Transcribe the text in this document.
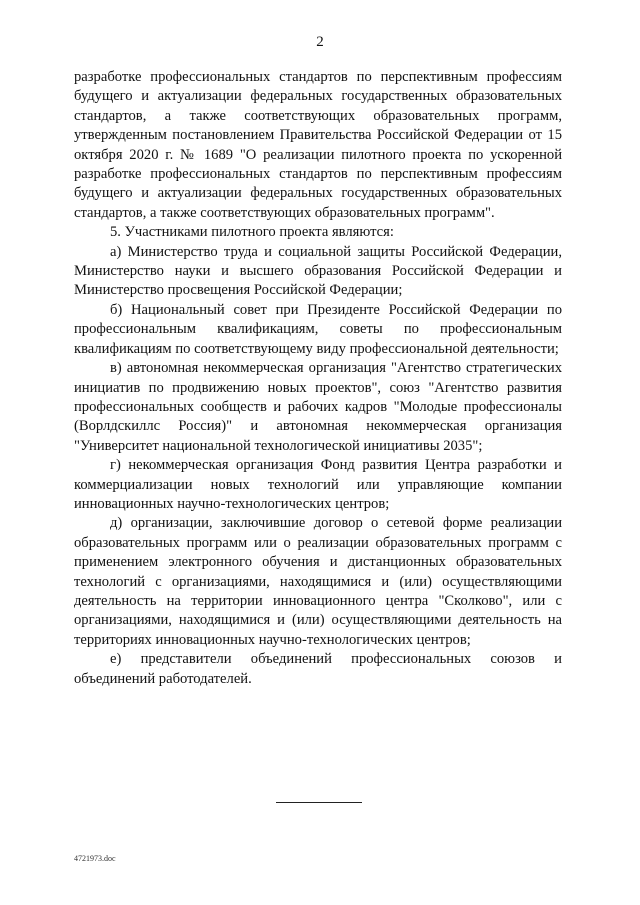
2

разработке профессиональных стандартов по перспективным профессиям будущего и актуализации федеральных государственных образовательных стандартов, а также соответствующих образовательных программ, утвержденным постановлением Правительства Российской Федерации от 15 октября 2020 г. № 1689 "О реализации пилотного проекта по ускоренной разработке профессиональных стандартов по перспективным профессиям будущего и актуализации федеральных государственных образовательных стандартов, а также соответствующих образовательных программ".

5. Участниками пилотного проекта являются:

а) Министерство труда и социальной защиты Российской Федерации, Министерство науки и высшего образования Российской Федерации и Министерство просвещения Российской Федерации;

б) Национальный совет при Президенте Российской Федерации по профессиональным квалификациям, советы по профессиональным квалификациям по соответствующему виду профессиональной деятельности;

в) автономная некоммерческая организация "Агентство стратегических инициатив по продвижению новых проектов", союз "Агентство развития профессиональных сообществ и рабочих кадров "Молодые профессионалы (Ворлдскиллс Россия)" и автономная некоммерческая организация "Университет национальной технологической инициативы 2035";

г) некоммерческая организация Фонд развития Центра разработки и коммерциализации новых технологий или управляющие компании инновационных научно-технологических центров;

д) организации, заключившие договор о сетевой форме реализации образовательных программ или о реализации образовательных программ с применением электронного обучения и дистанционных образовательных технологий с организациями, находящимися и (или) осуществляющими деятельность на территории инновационного центра "Сколково", или с организациями, находящимися и (или) осуществляющими деятельность на территориях инновационных научно-технологических центров;

е) представители объединений профессиональных союзов и объединений работодателей.

4721973.doc
